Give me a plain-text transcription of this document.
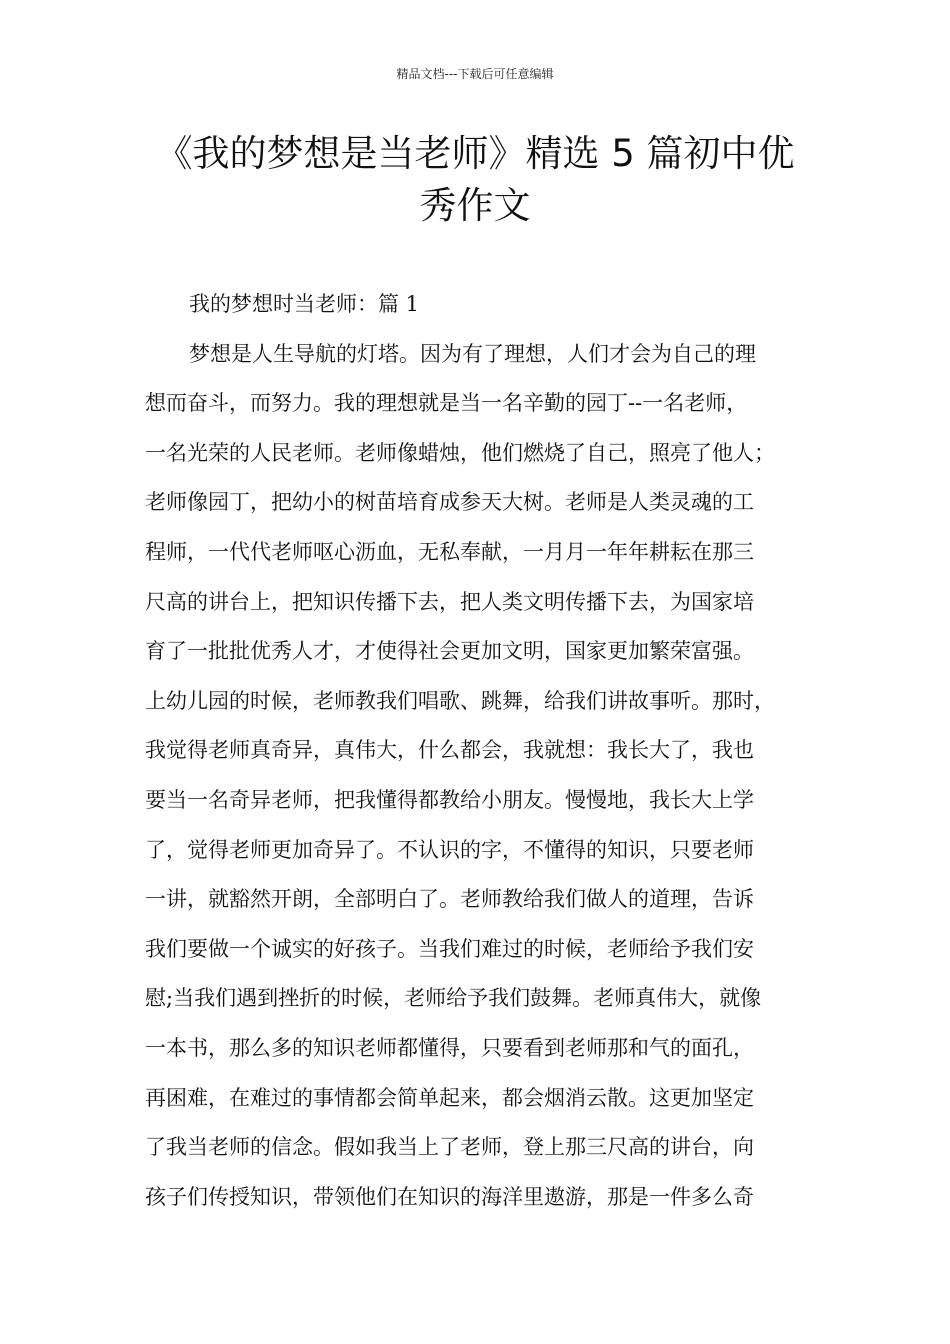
精品文档---下载后可任意编辑
《我的梦想是当老师》精选 5 篇初中优
秀作文
我的梦想时当老师：篇 1
梦想是人生导航的灯塔。因为有了理想，人们才会为自己的理
想而奋斗，而努力。我的理想就是当一名辛勤的园丁--一名老师，
一名光荣的人民老师。老师像蜡烛，他们燃烧了自己，照亮了他人；
老师像园丁，把幼小的树苗培育成参天大树。老师是人类灵魂的工
程师，一代代老师呕心沥血，无私奉献，一月月一年年耕耘在那三
尺高的讲台上，把知识传播下去，把人类文明传播下去，为国家培
育了一批批优秀人才，才使得社会更加文明，国家更加繁荣富强。
上幼儿园的时候，老师教我们唱歌、跳舞，给我们讲故事听。那时，
我觉得老师真奇异，真伟大，什么都会，我就想：我长大了，我也
要当一名奇异老师，把我懂得都教给小朋友。慢慢地，我长大上学
了，觉得老师更加奇异了。不认识的字，不懂得的知识，只要老师
一讲，就豁然开朗，全部明白了。老师教给我们做人的道理，告诉
我们要做一个诚实的好孩子。当我们难过的时候，老师给予我们安
慰;当我们遇到挫折的时候，老师给予我们鼓舞。老师真伟大，就像
一本书，那么多的知识老师都懂得，只要看到老师那和气的面孔，
再困难，在难过的事情都会简单起来，都会烟消云散。这更加坚定
了我当老师的信念。假如我当上了老师，登上那三尺高的讲台，向
孩子们传授知识，带领他们在知识的海洋里遨游，那是一件多么奇
